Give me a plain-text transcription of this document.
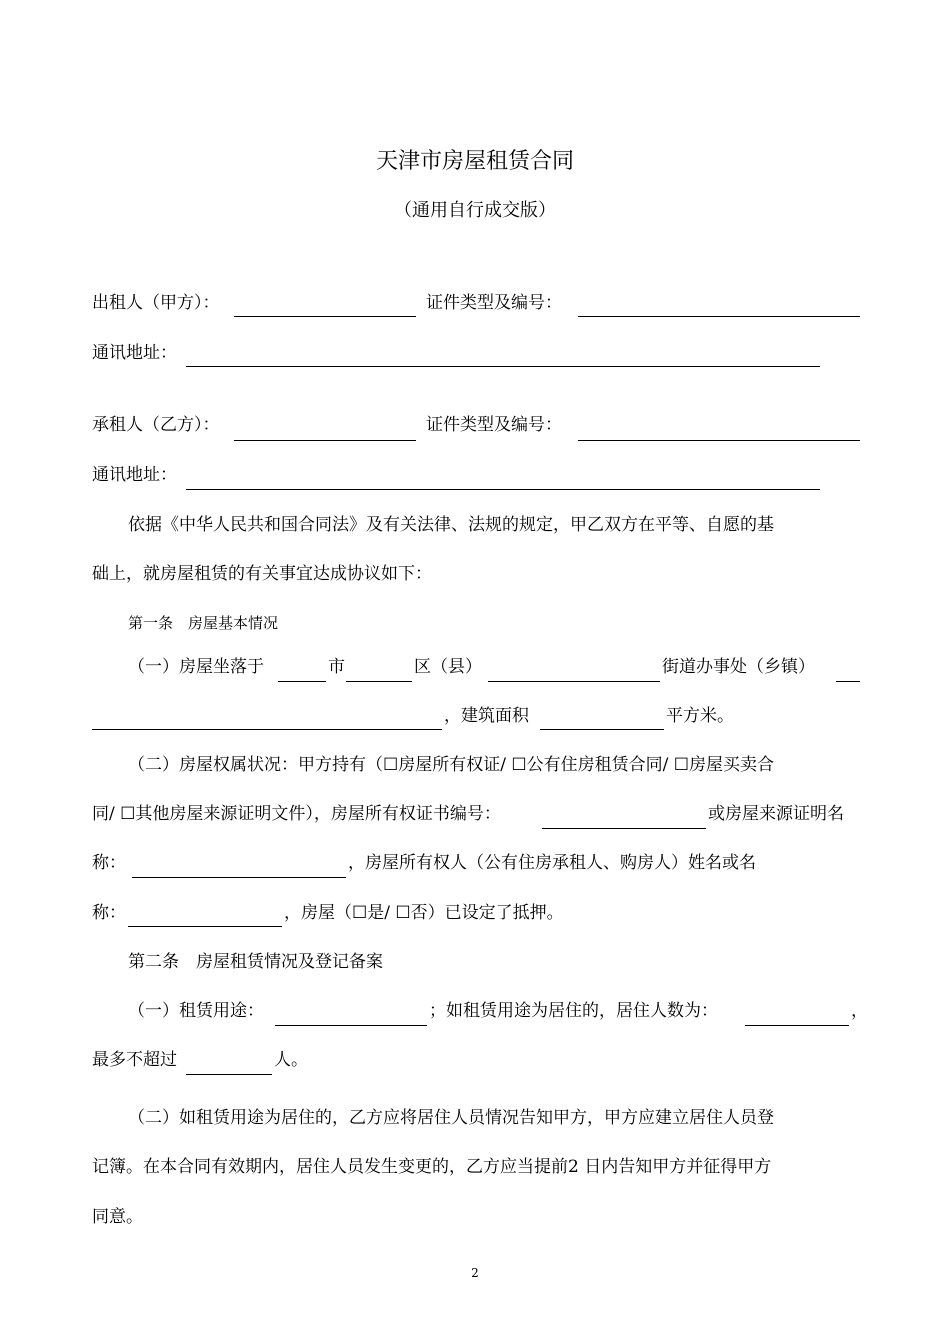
天津市房屋租赁合同
（通用自行成交版）
出租人（甲方）：	证件类型及编号：
通讯地址：
承租人（乙方）：	证件类型及编号：
通讯地址：
依据《中华人民共和国合同法》及有关法律、法规的规定，甲乙双方在平等、自愿的基
础上，就房屋租赁的有关事宜达成协议如下：
第一条　房屋基本情况
（一）房屋坐落于	市	区（县）	街道办事处（乡镇）
，建筑面积	平方米。
（二）房屋权属状况：甲方持有（☐房屋所有权证/ ☐公有住房租赁合同/ ☐房屋买卖合
同/ ☐其他房屋来源证明文件），房屋所有权证书编号：	或房屋来源证明名
称：	，房屋所有权人（公有住房承租人、购房人）姓名或名
称：	，房屋（☐是/ ☐否）已设定了抵押。
第二条　房屋租赁情况及登记备案
（一）租赁用途：	；如租赁用途为居住的，居住人数为：	，
最多不超过	人。
（二）如租赁用途为居住的，乙方应将居住人员情况告知甲方，甲方应建立居住人员登
记簿。在本合同有效期内，居住人员发生变更的，乙方应当提前2 日内告知甲方并征得甲方
同意。
2
